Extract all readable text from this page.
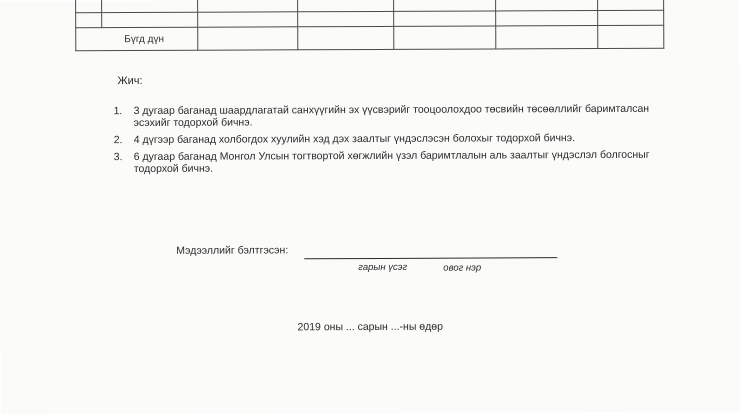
Бүгд дүн						
Жич:
1. 3 дугаар баганад шаардлагатай санхүүгийн эх үүсвэрийг тооцоолохдоо төсвийн төсөөллийг баримталсан эсэхийг тодорхой бичнэ.
2. 4 дүгээр баганад холбогдох хуулийн хэд дэх заалтыг үндэслэсэн болохыг тодорхой бичнэ.
3. 6 дугаар баганад Монгол Улсын тогтвортой хөгжлийн үзэл баримтлалын аль заалтыг үндэслэл болгосныг тодорхой бичнэ.
Мэдээллийг бэлтгэсэн:
гарын үсэг	овог нэр
2019 оны ... сарын ...-ны өдөр
